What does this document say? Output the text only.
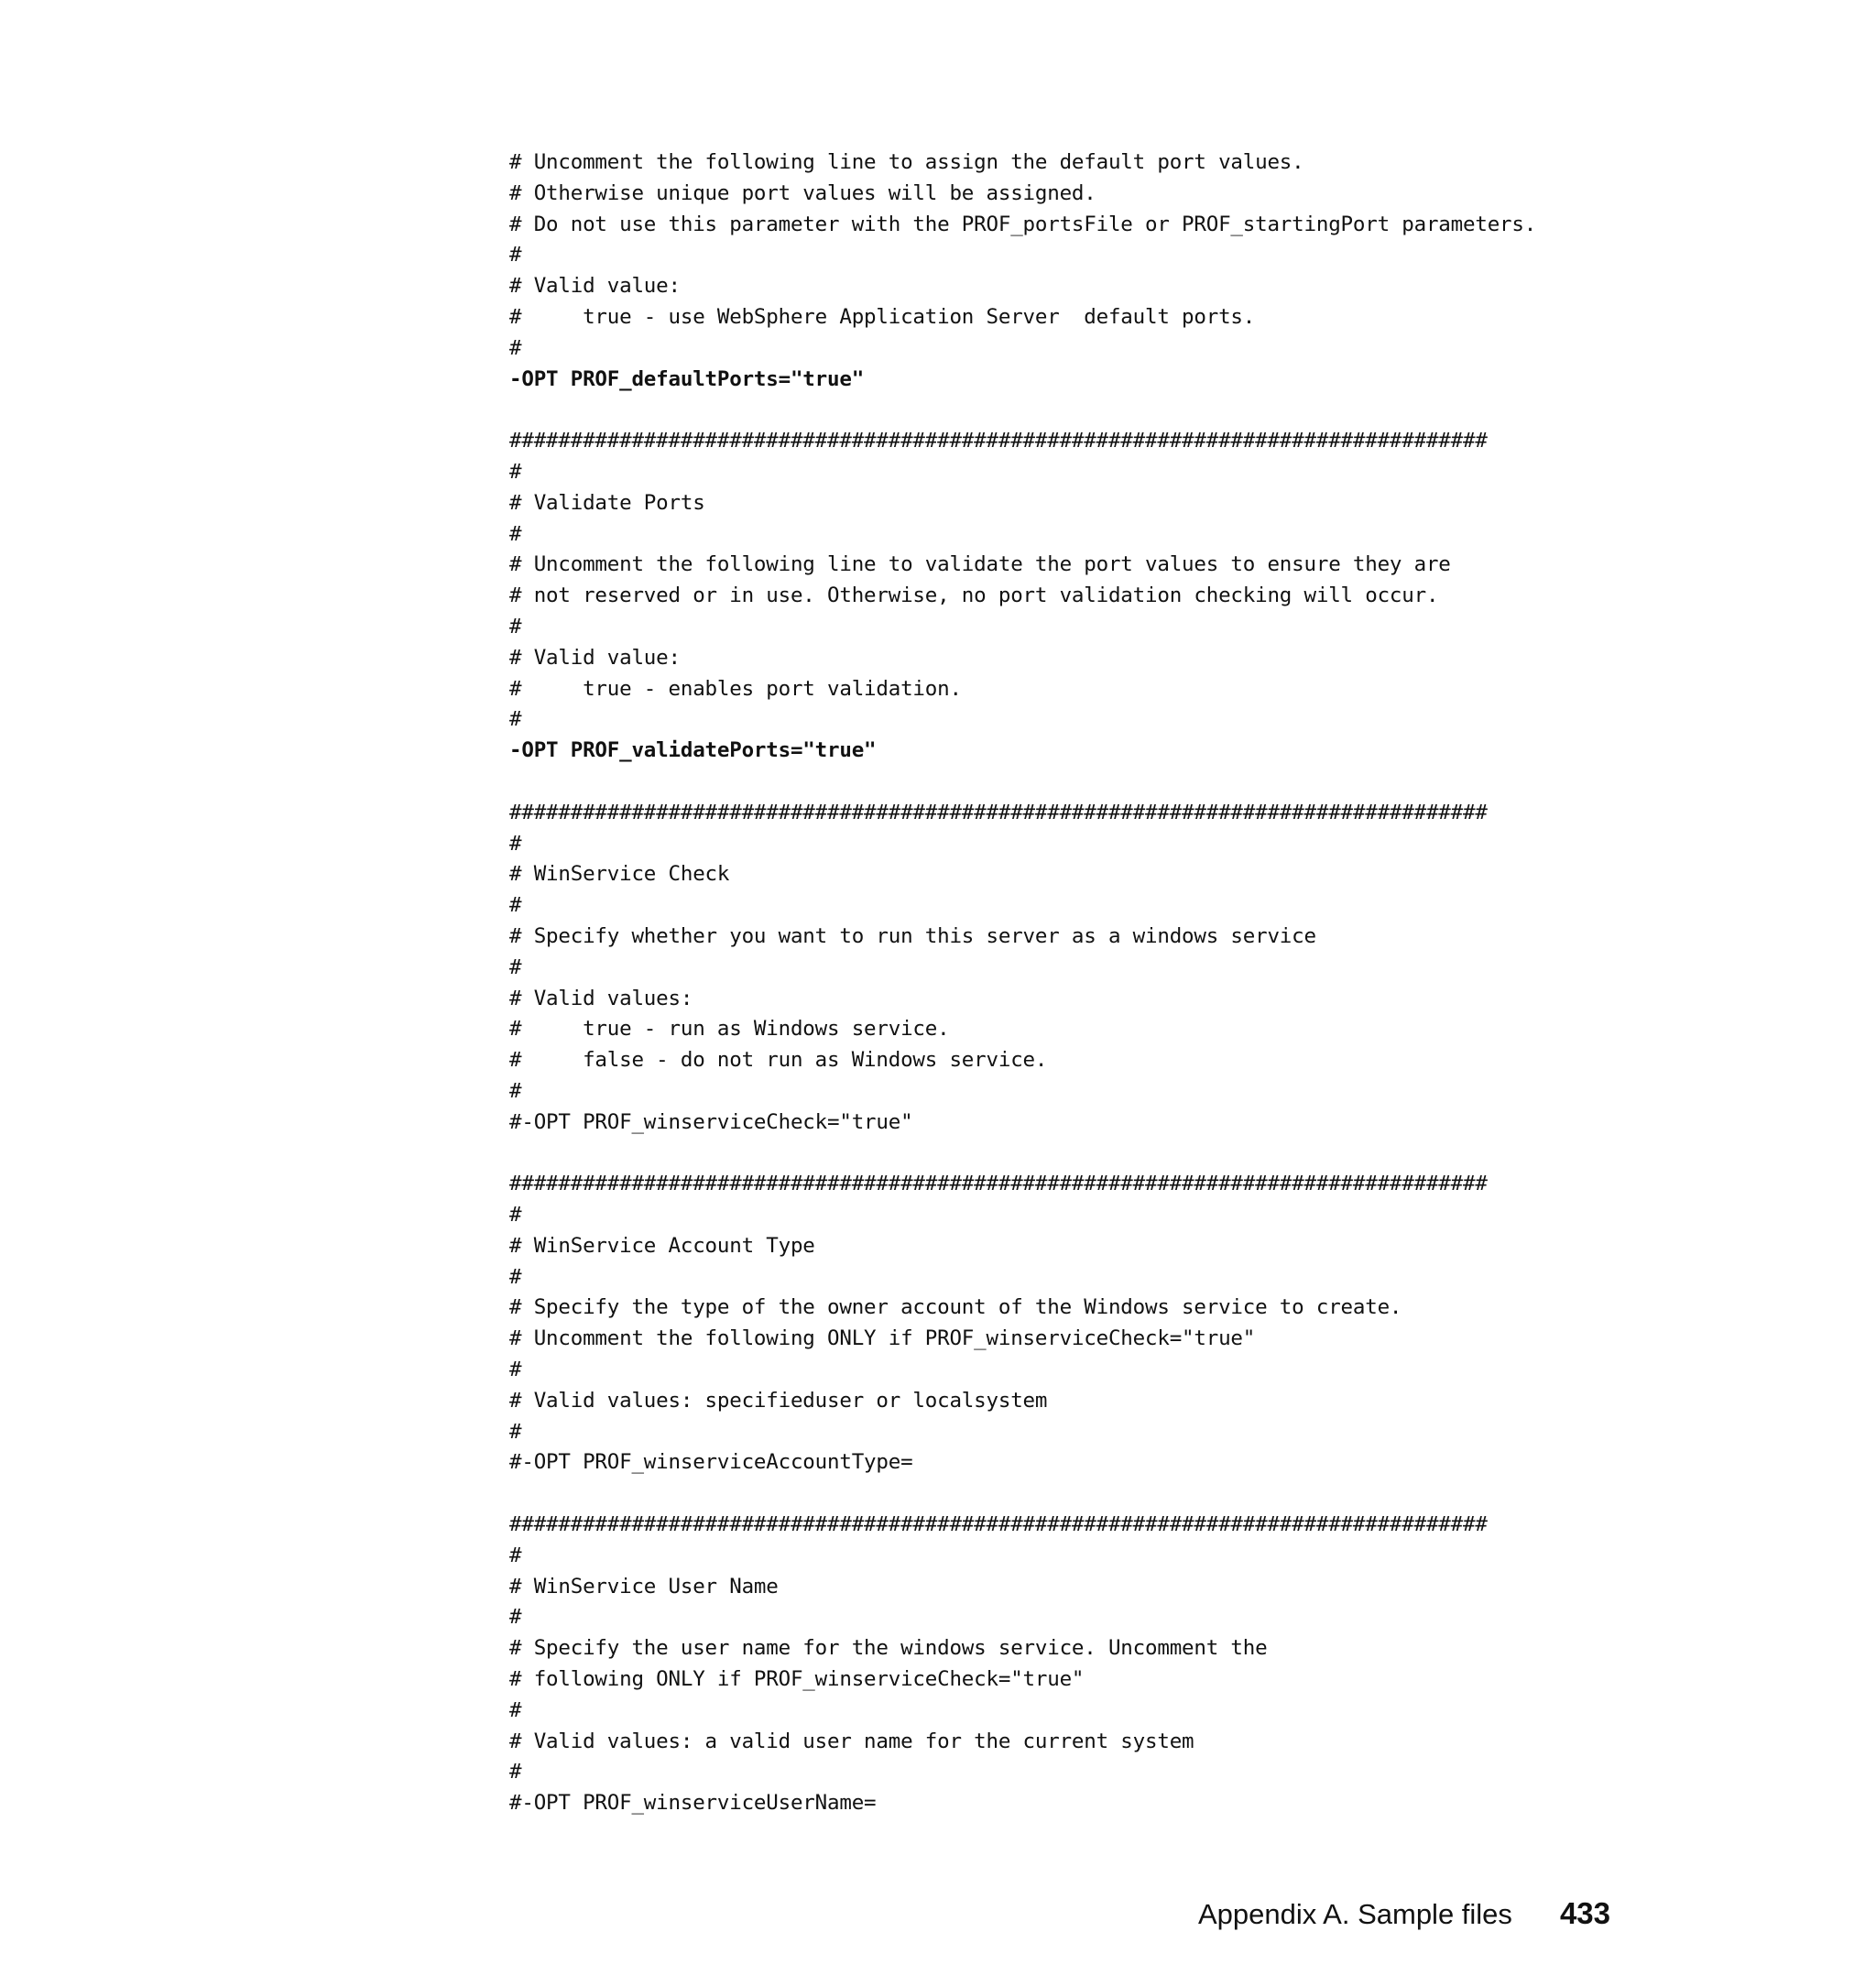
# Uncomment the following line to assign the default port values.
# Otherwise unique port values will be assigned.
# Do not use this parameter with the PROF_portsFile or PROF_startingPort parameters.
#
# Valid value:
#     true - use WebSphere Application Server  default ports.
#
-OPT PROF_defaultPorts="true"
################################################################################
#
# Validate Ports
#
# Uncomment the following line to validate the port values to ensure they are
# not reserved or in use. Otherwise, no port validation checking will occur.
#
# Valid value:
#     true - enables port validation.
#
-OPT PROF_validatePorts="true"
################################################################################
#
# WinService Check
#
# Specify whether you want to run this server as a windows service
#
# Valid values:
#     true - run as Windows service.
#     false - do not run as Windows service.
#
#-OPT PROF_winserviceCheck="true"
################################################################################
#
# WinService Account Type
#
# Specify the type of the owner account of the Windows service to create.
# Uncomment the following ONLY if PROF_winserviceCheck="true"
#
# Valid values: specifieduser or localsystem
#
#-OPT PROF_winserviceAccountType=
################################################################################
#
# WinService User Name
#
# Specify the user name for the windows service. Uncomment the
# following ONLY if PROF_winserviceCheck="true"
#
# Valid values: a valid user name for the current system
#
#-OPT PROF_winserviceUserName=
Appendix A. Sample files 433
